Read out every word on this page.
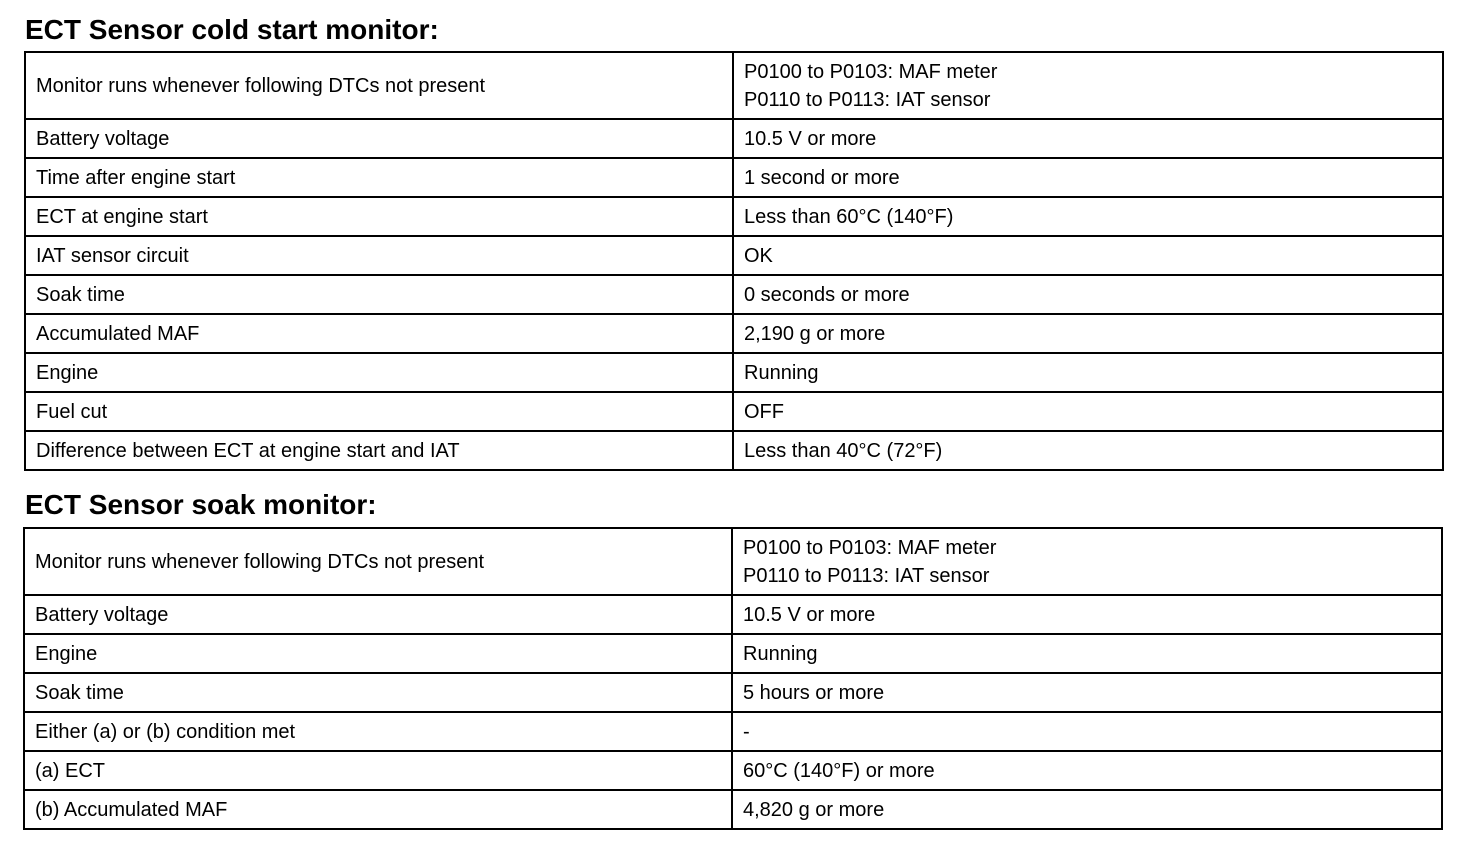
ECT Sensor cold start monitor:
Monitor runs whenever following DTCs not present	P0100 to P0103: MAF meter
P0110 to P0113: IAT sensor

Battery voltage	10.5 V or more
Time after engine start	1 second or more
ECT at engine start	Less than 60°C (140°F)
IAT sensor circuit	OK
Soak time	0 seconds or more
Accumulated MAF	2,190 g or more
Engine	Running
Fuel cut	OFF
Difference between ECT at engine start and IAT	Less than 40°C (72°F)
ECT Sensor soak monitor:
Monitor runs whenever following DTCs not present	P0100 to P0103: MAF meter
P0110 to P0113: IAT sensor

Battery voltage	10.5 V or more
Engine	Running
Soak time	5 hours or more
Either (a) or (b) condition met	-
(a) ECT	60°C (140°F) or more
(b) Accumulated MAF	4,820 g or more
